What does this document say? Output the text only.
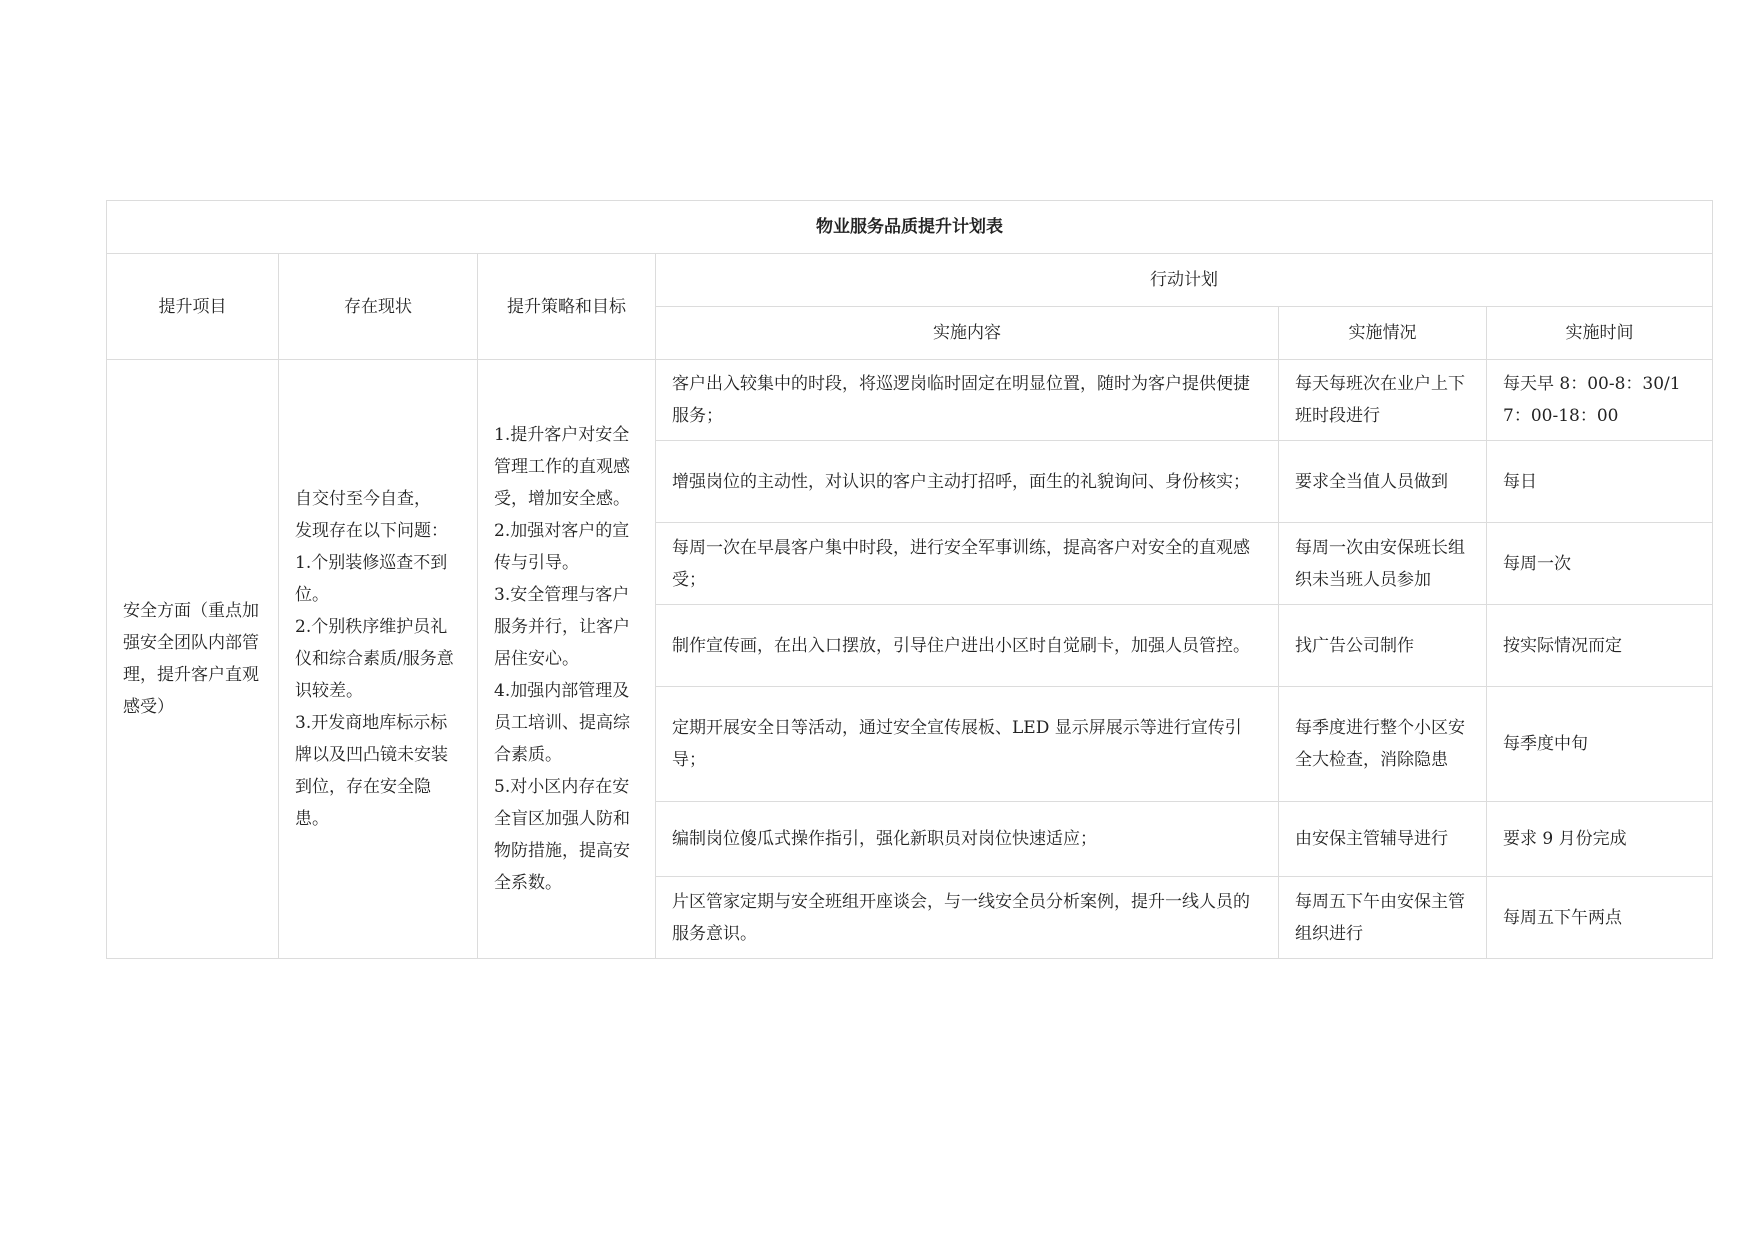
物业服务品质提升计划表					
提升项目	存在现状	提升策略和目标	行动计划		
			实施内容	实施情况	实施时间
安全方面（重点加强安全团队内部管理，提升客户直观感受）	自交付至今自查，
发现存在以下问题：
1.个别装修巡查不到位。
2.个别秩序维护员礼仪和综合素质/服务意识较差。
3.开发商地库标示标牌以及凹凸镜未安装到位，存在安全隐患。	1.提升客户对安全管理工作的直观感受，增加安全感。
2.加强对客户的宣传与引导。
3.安全管理与客户服务并行，让客户居住安心。
4.加强内部管理及员工培训、提高综合素质。
5.对小区内存在安全盲区加强人防和物防措施，提高安全系数。	客户出入较集中的时段，将巡逻岗临时固定在明显位置，随时为客户提供便捷服务；	每天每班次在业户上下班时段进行	每天早 8：00-8：30/17：00-18：00
			增强岗位的主动性，对认识的客户主动打招呼，面生的礼貌询问、身份核实；	要求全当值人员做到	每日
			每周一次在早晨客户集中时段，进行安全军事训练，提高客户对安全的直观感受；	每周一次由安保班长组织未当班人员参加	每周一次
			制作宣传画，在出入口摆放，引导住户进出小区时自觉刷卡，加强人员管控。	找广告公司制作	按实际情况而定
			定期开展安全日等活动，通过安全宣传展板、LED 显示屏展示等进行宣传引导；	每季度进行整个小区安全大检查，消除隐患	每季度中旬
			编制岗位傻瓜式操作指引，强化新职员对岗位快速适应；	由安保主管辅导进行	要求 9 月份完成
			片区管家定期与安全班组开座谈会，与一线安全员分析案例，提升一线人员的服务意识。	每周五下午由安保主管组织进行	每周五下午两点
